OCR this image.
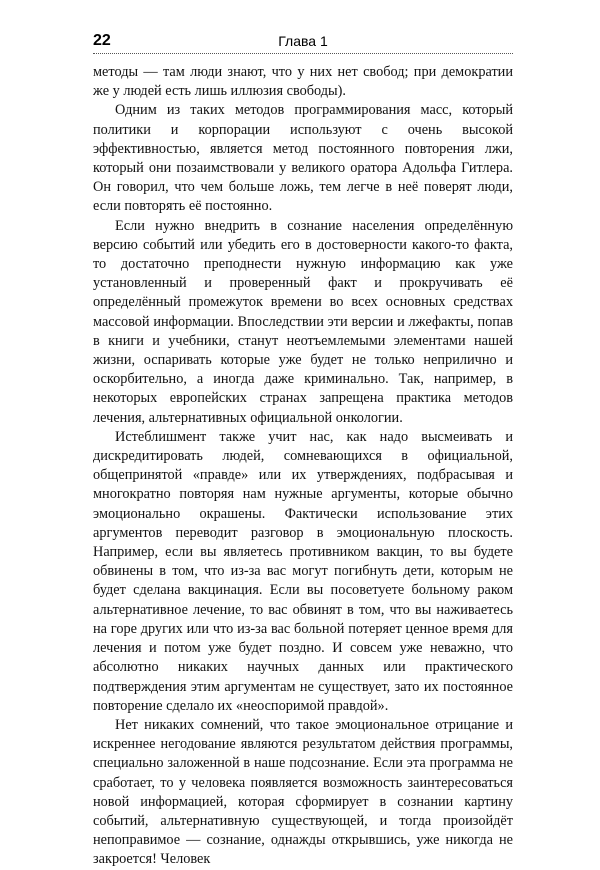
22	Глава 1

методы — там люди знают, что у них нет свобод; при демократии же у людей есть лишь иллюзия свободы).

Одним из таких методов программирования масс, который политики и корпорации используют с очень высокой эффективностью, является метод постоянного повторения лжи, который они позаимствовали у великого оратора Адольфа Гитлера. Он говорил, что чем больше ложь, тем легче в неё поверят люди, если повторять её постоянно.

Если нужно внедрить в сознание населения определённую версию событий или убедить его в достоверности какого-то факта, то достаточно преподнести нужную информацию как уже установленный и проверенный факт и прокручивать её определённый промежуток времени во всех основных средствах массовой информации. Впоследствии эти версии и лжефакты, попав в книги и учебники, станут неотъемлемыми элементами нашей жизни, оспаривать которые уже будет не только неприлично и оскорбительно, а иногда даже криминально. Так, например, в некоторых европейских странах запрещена практика методов лечения, альтернативных официальной онкологии.

Истеблишмент также учит нас, как надо высмеивать и дискредитировать людей, сомневающихся в официальной, общепринятой «правде» или их утверждениях, подбрасывая и многократно повторяя нам нужные аргументы, которые обычно эмоционально окрашены. Фактически использование этих аргументов переводит разговор в эмоциональную плоскость. Например, если вы являетесь противником вакцин, то вы будете обвинены в том, что из-за вас могут погибнуть дети, которым не будет сделана вакцинация. Если вы посоветуете больному раком альтернативное лечение, то вас обвинят в том, что вы наживаетесь на горе других или что из-за вас больной потеряет ценное время для лечения и потом уже будет поздно. И совсем уже неважно, что абсолютно никаких научных данных или практического подтверждения этим аргументам не существует, зато их постоянное повторение сделало их «неоспоримой правдой».

Нет никаких сомнений, что такое эмоциональное отрицание и искреннее негодование являются результатом действия программы, специально заложенной в наше подсознание. Если эта программа не сработает, то у человека появляется возможность заинтересоваться новой информацией, которая сформирует в сознании картину событий, альтернативную существующей, и тогда произойдёт непоправимое — сознание, однажды открывшись, уже никогда не закроется! Человек
